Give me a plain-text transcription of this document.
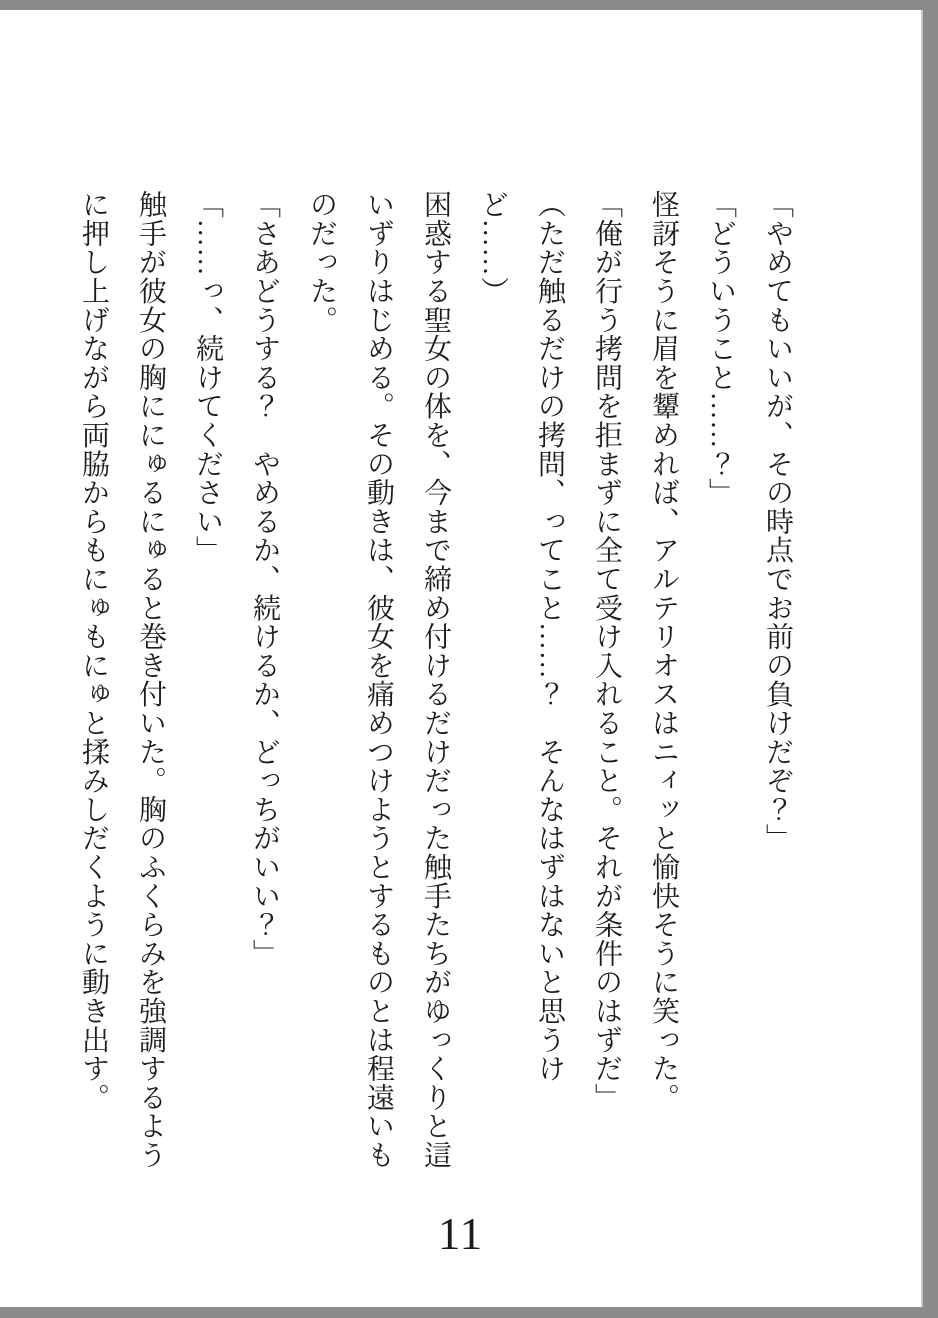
「やめてもいいが、その時点でお前の負けだぞ？」

「どういうこと……？」

怪訝そうに眉を顰めれば、アルテリオスはニィッと愉快そうに笑った。

「俺が行う拷問を拒まずに全て受け入れること。それが条件のはずだ」

（ただ触るだけの拷問、ってこと……？　そんなはずはないと思うけど……）

困惑する聖女の体を、今まで締め付けるだけだった触手たちがゆっくりと這いずりはじめる。その動きは、彼女を痛めつけようとするものとは程遠いものだった。

「さあどうする？　やめるか、続けるか、どっちがいい？」

「……っ、続けてください」

触手が彼女の胸ににゅるにゅると巻き付いた。胸のふくらみを強調するように押し上げながら両脇からもにゅもにゅと揉みしだくように動き出す。

11
